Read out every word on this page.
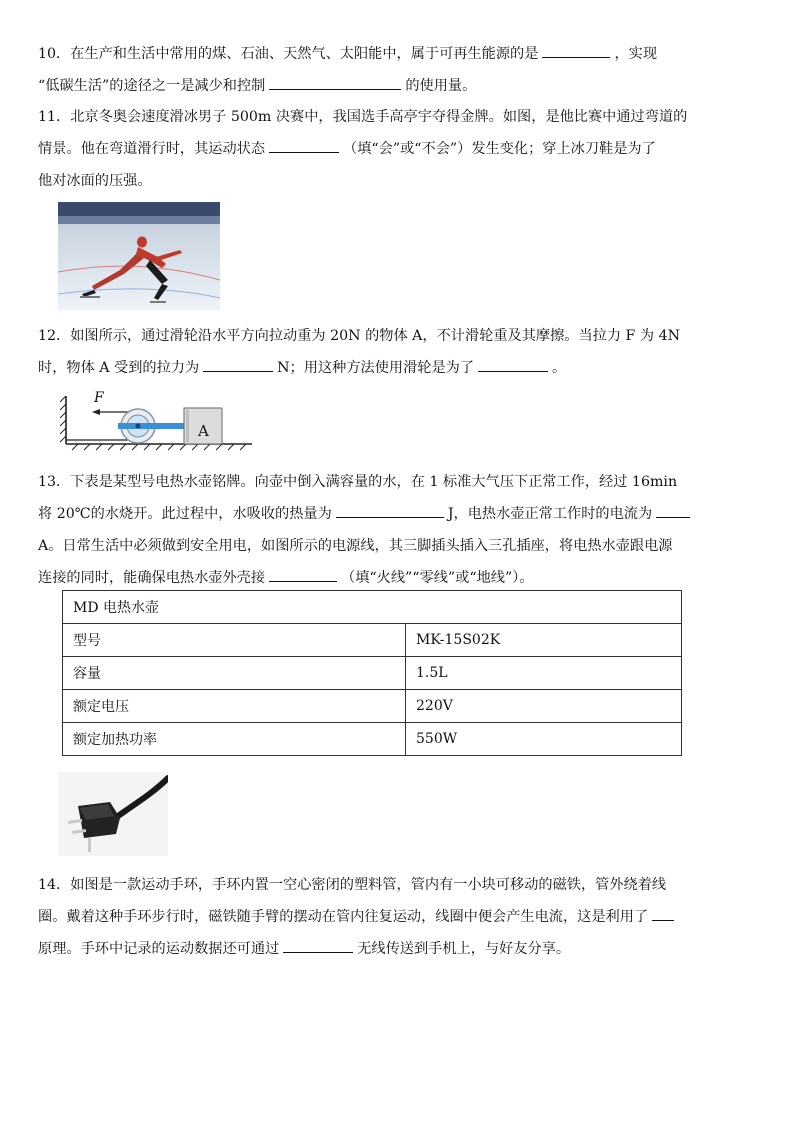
10．在生产和生活中常用的煤、石油、天然气、太阳能中，属于可再生能源的是	，实现
“低碳生活”的途径之一是减少和控制	的使用量。

11．北京冬奥会速度滑冰男子 500m 决赛中，我国选手高亭宇夺得金牌。如图，是他比赛中通过弯道的
情景。他在弯道滑行时，其运动状态	（填“会”或“不会”）发生变化；穿上冰刀鞋是为了
他对冰面的压强。

12．如图所示，通过滑轮沿水平方向拉动重为 20N 的物体 A，不计滑轮重及其摩擦。当拉力 F 为 4N
时，物体 A 受到的拉力为	N；用这种方法使用滑轮是为了	。

A
F

13．下表是某型号电热水壶铭牌。向壶中倒入满容量的水，在 1 标准大气压下正常工作，经过 16min
将 20℃的水烧开。此过程中，水吸收的热量为	J，电热水壶正常工作时的电流为
A。日常生活中必须做到安全用电，如图所示的电源线，其三脚插头插入三孔插座，将电热水壶跟电源
连接的同时，能确保电热水壶外壳接	（填“火线”“零线”或“地线”）。

MD 电热水壶	
型号	MK-15S02K
容量	1.5L
额定电压	220V
额定加热功率	550W

14．如图是一款运动手环，手环内置一空心密闭的塑料管，管内有一小块可移动的磁铁，管外绕着线
圈。戴着这种手环步行时，磁铁随手臂的摆动在管内往复运动，线圈中便会产生电流，这是利用了
原理。手环中记录的运动数据还可通过	无线传送到手机上，与好友分享。
